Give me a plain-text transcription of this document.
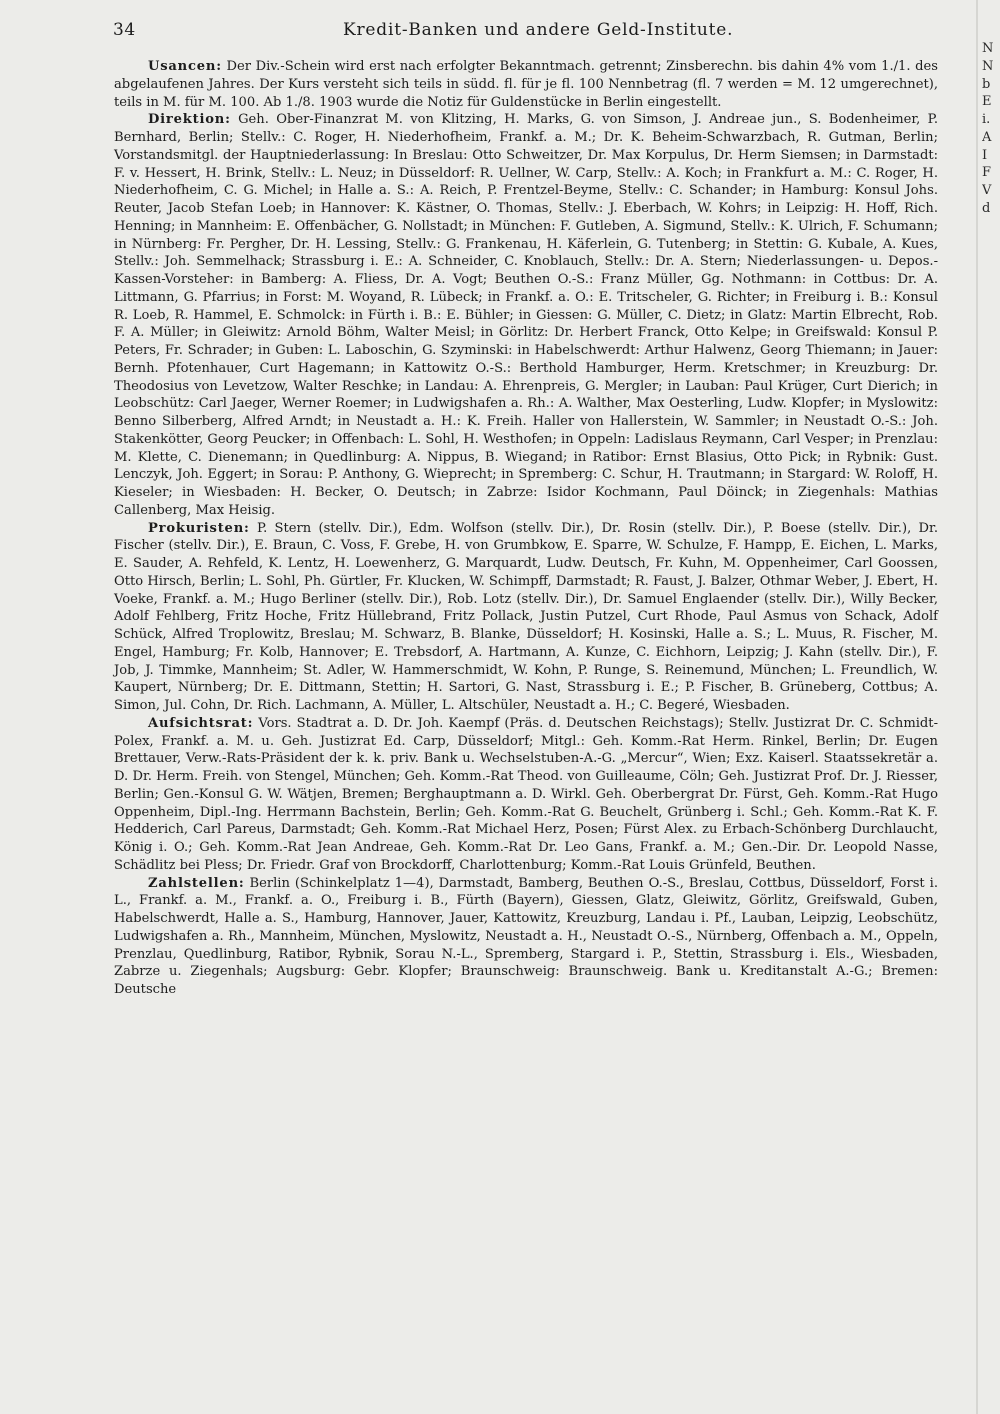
34	Kredit-Banken und andere Geld-Institute.

Usancen: Der Div.-Schein wird erst nach erfolgter Bekanntmach. getrennt; Zinsberechn. bis dahin 4% vom 1./1. des abgelaufenen Jahres. Der Kurs versteht sich teils in südd. fl. für je fl. 100 Nennbetrag (fl. 7 werden = M. 12 umgerechnet), teils in M. für M. 100. Ab 1./8. 1903 wurde die Notiz für Guldenstücke in Berlin eingestellt.

Direktion: Geh. Ober-Finanzrat M. von Klitzing, H. Marks, G. von Simson, J. Andreae jun., S. Bodenheimer, P. Bernhard, Berlin; Stellv.: C. Roger, H. Niederhofheim, Frankf. a. M.; Dr. K. Beheim-Schwarzbach, R. Gutman, Berlin; Vorstandsmitgl. der Hauptniederlassung: In Breslau: Otto Schweitzer, Dr. Max Korpulus, Dr. Herm Siemsen; in Darmstadt: F. v. Hessert, H. Brink, Stellv.: L. Neuz; in Düsseldorf: R. Uellner, W. Carp, Stellv.: A. Koch; in Frankfurt a. M.: C. Roger, H. Niederhofheim, C. G. Michel; in Halle a. S.: A. Reich, P. Frentzel-Beyme, Stellv.: C. Schander; in Hamburg: Konsul Johs. Reuter, Jacob Stefan Loeb; in Hannover: K. Kästner, O. Thomas, Stellv.: J. Eberbach, W. Kohrs; in Leipzig: H. Hoff, Rich. Henning; in Mannheim: E. Offenbächer, G. Nollstadt; in München: F. Gutleben, A. Sigmund, Stellv.: K. Ulrich, F. Schumann; in Nürnberg: Fr. Pergher, Dr. H. Lessing, Stellv.: G. Frankenau, H. Käferlein, G. Tutenberg; in Stettin: G. Kubale, A. Kues, Stellv.: Joh. Semmelhack; Strassburg i. E.: A. Schneider, C. Knoblauch, Stellv.: Dr. A. Stern; Niederlassungen- u. Depos.-Kassen-Vorsteher: in Bamberg: A. Fliess, Dr. A. Vogt; Beuthen O.-S.: Franz Müller, Gg. Nothmann: in Cottbus: Dr. A. Littmann, G. Pfarrius; in Forst: M. Woyand, R. Lübeck; in Frankf. a. O.: E. Tritscheler, G. Richter; in Freiburg i. B.: Konsul R. Loeb, R. Hammel, E. Schmolck: in Fürth i. B.: E. Bühler; in Giessen: G. Müller, C. Dietz; in Glatz: Martin Elbrecht, Rob. F. A. Müller; in Gleiwitz: Arnold Böhm, Walter Meisl; in Görlitz: Dr. Herbert Franck, Otto Kelpe; in Greifswald: Konsul P. Peters, Fr. Schrader; in Guben: L. Laboschin, G. Szyminski: in Habelschwerdt: Arthur Halwenz, Georg Thiemann; in Jauer: Bernh. Pfotenhauer, Curt Hagemann; in Kattowitz O.-S.: Berthold Hamburger, Herm. Kretschmer; in Kreuzburg: Dr. Theodosius von Levetzow, Walter Reschke; in Landau: A. Ehrenpreis, G. Mergler; in Lauban: Paul Krüger, Curt Dierich; in Leobschütz: Carl Jaeger, Werner Roemer; in Ludwigshafen a. Rh.: A. Walther, Max Oesterling, Ludw. Klopfer; in Myslowitz: Benno Silberberg, Alfred Arndt; in Neustadt a. H.: K. Freih. Haller von Hallerstein, W. Sammler; in Neustadt O.-S.: Joh. Stakenkötter, Georg Peucker; in Offenbach: L. Sohl, H. Westhofen; in Oppeln: Ladislaus Reymann, Carl Vesper; in Prenzlau: M. Klette, C. Dienemann; in Quedlinburg: A. Nippus, B. Wiegand; in Ratibor: Ernst Blasius, Otto Pick; in Rybnik: Gust. Lenczyk, Joh. Eggert; in Sorau: P. Anthony, G. Wieprecht; in Spremberg: C. Schur, H. Trautmann; in Stargard: W. Roloff, H. Kieseler; in Wiesbaden: H. Becker, O. Deutsch; in Zabrze: Isidor Kochmann, Paul Döinck; in Ziegenhals: Mathias Callenberg, Max Heisig.

Prokuristen: P. Stern (stellv. Dir.), Edm. Wolfson (stellv. Dir.), Dr. Rosin (stellv. Dir.), P. Boese (stellv. Dir.), Dr. Fischer (stellv. Dir.), E. Braun, C. Voss, F. Grebe, H. von Grumbkow, E. Sparre, W. Schulze, F. Hampp, E. Eichen, L. Marks, E. Sauder, A. Rehfeld, K. Lentz, H. Loewenherz, G. Marquardt, Ludw. Deutsch, Fr. Kuhn, M. Oppenheimer, Carl Goossen, Otto Hirsch, Berlin; L. Sohl, Ph. Gürtler, Fr. Klucken, W. Schimpff, Darmstadt; R. Faust, J. Balzer, Othmar Weber, J. Ebert, H. Voeke, Frankf. a. M.; Hugo Berliner (stellv. Dir.), Rob. Lotz (stellv. Dir.), Dr. Samuel Englaender (stellv. Dir.), Willy Becker, Adolf Fehlberg, Fritz Hoche, Fritz Hüllebrand, Fritz Pollack, Justin Putzel, Curt Rhode, Paul Asmus von Schack, Adolf Schück, Alfred Troplowitz, Breslau; M. Schwarz, B. Blanke, Düsseldorf; H. Kosinski, Halle a. S.; L. Muus, R. Fischer, M. Engel, Hamburg; Fr. Kolb, Hannover; E. Trebsdorf, A. Hartmann, A. Kunze, C. Eichhorn, Leipzig; J. Kahn (stellv. Dir.), F. Job, J. Timmke, Mannheim; St. Adler, W. Hammerschmidt, W. Kohn, P. Runge, S. Reinemund, München; L. Freundlich, W. Kaupert, Nürnberg; Dr. E. Dittmann, Stettin; H. Sartori, G. Nast, Strassburg i. E.; P. Fischer, B. Grüneberg, Cottbus; A. Simon, Jul. Cohn, Dr. Rich. Lachmann, A. Müller, L. Altschüler, Neustadt a. H.; C. Begeré, Wiesbaden.

Aufsichtsrat: Vors. Stadtrat a. D. Dr. Joh. Kaempf (Präs. d. Deutschen Reichstags); Stellv. Justizrat Dr. C. Schmidt-Polex, Frankf. a. M. u. Geh. Justizrat Ed. Carp, Düsseldorf; Mitgl.: Geh. Komm.-Rat Herm. Rinkel, Berlin; Dr. Eugen Brettauer, Verw.-Rats-Präsident der k. k. priv. Bank u. Wechselstuben-A.-G. „Mercur“, Wien; Exz. Kaiserl. Staatssekretär a. D. Dr. Herm. Freih. von Stengel, München; Geh. Komm.-Rat Theod. von Guilleaume, Cöln; Geh. Justizrat Prof. Dr. J. Riesser, Berlin; Gen.-Konsul G. W. Wätjen, Bremen; Berghauptmann a. D. Wirkl. Geh. Oberbergrat Dr. Fürst, Geh. Komm.-Rat Hugo Oppenheim, Dipl.-Ing. Herrmann Bachstein, Berlin; Geh. Komm.-Rat G. Beuchelt, Grünberg i. Schl.; Geh. Komm.-Rat K. F. Hedderich, Carl Pareus, Darmstadt; Geh. Komm.-Rat Michael Herz, Posen; Fürst Alex. zu Erbach-Schönberg Durchlaucht, König i. O.; Geh. Komm.-Rat Jean Andreae, Geh. Komm.-Rat Dr. Leo Gans, Frankf. a. M.; Gen.-Dir. Dr. Leopold Nasse, Schädlitz bei Pless; Dr. Friedr. Graf von Brockdorff, Charlottenburg; Komm.-Rat Louis Grünfeld, Beuthen.

Zahlstellen: Berlin (Schinkelplatz 1—4), Darmstadt, Bamberg, Beuthen O.-S., Breslau, Cottbus, Düsseldorf, Forst i. L., Frankf. a. M., Frankf. a. O., Freiburg i. B., Fürth (Bayern), Giessen, Glatz, Gleiwitz, Görlitz, Greifswald, Guben, Habelschwerdt, Halle a. S., Hamburg, Hannover, Jauer, Kattowitz, Kreuzburg, Landau i. Pf., Lauban, Leipzig, Leobschütz, Ludwigshafen a. Rh., Mannheim, München, Myslowitz, Neustadt a. H., Neustadt O.-S., Nürnberg, Offenbach a. M., Oppeln, Prenzlau, Quedlinburg, Ratibor, Rybnik, Sorau N.-L., Spremberg, Stargard i. P., Stettin, Strassburg i. Els., Wiesbaden, Zabrze u. Ziegenhals; Augsburg: Gebr. Klopfer; Braunschweig: Braunschweig. Bank u. Kreditanstalt A.-G.; Bremen: Deutsche

N
N
b
E
i.
A
I
F
V
d
